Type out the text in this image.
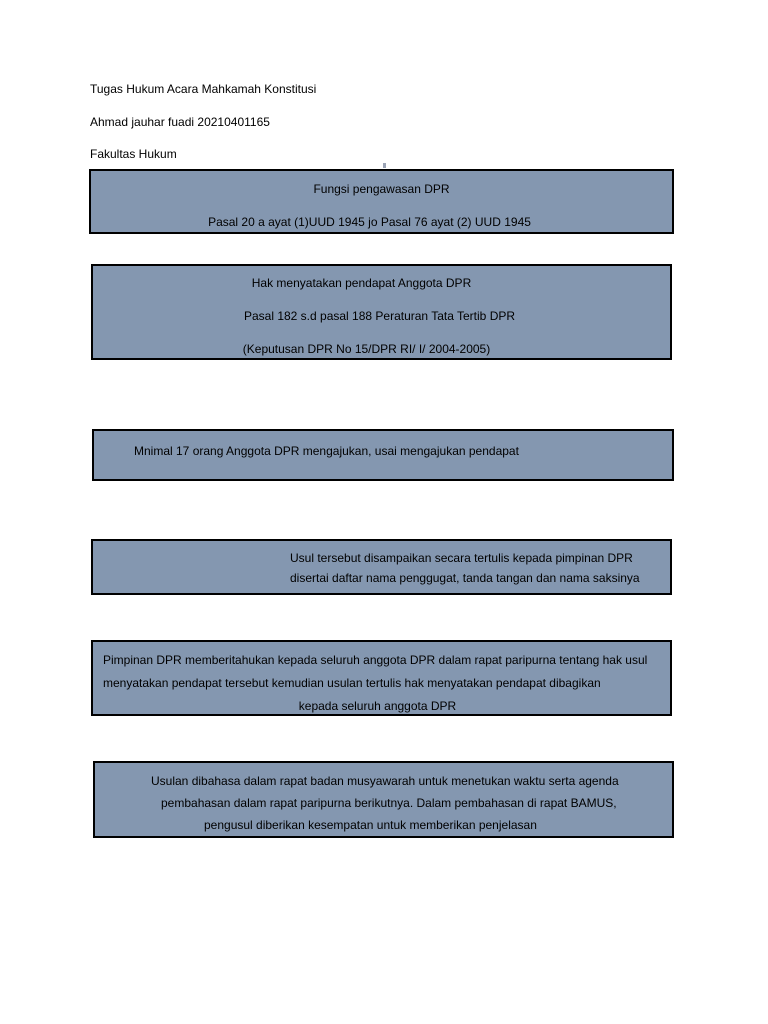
Tugas Hukum Acara Mahkamah Konstitusi
Ahmad jauhar fuadi 20210401165
Fakultas Hukum
Fungsi pengawasan DPR
Pasal 20 a ayat (1)UUD 1945 jo Pasal 76 ayat (2) UUD 1945
Hak menyatakan pendapat Anggota DPR
Pasal 182 s.d pasal 188 Peraturan Tata Tertib DPR
(Keputusan DPR No 15/DPR RI/ I/ 2004-2005)
Mnimal 17 orang Anggota DPR mengajukan, usai mengajukan pendapat
Usul tersebut disampaikan secara tertulis kepada pimpinan DPR
disertai daftar nama penggugat, tanda tangan dan nama saksinya
Pimpinan DPR memberitahukan kepada seluruh anggota DPR dalam rapat paripurna tentang hak usul
menyatakan pendapat tersebut kemudian usulan tertulis hak menyatakan pendapat dibagikan
kepada seluruh anggota DPR
Usulan dibahasa dalam rapat badan musyawarah untuk menetukan waktu serta agenda
pembahasan dalam rapat paripurna berikutnya. Dalam pembahasan di rapat BAMUS,
pengusul diberikan kesempatan untuk memberikan penjelasan
